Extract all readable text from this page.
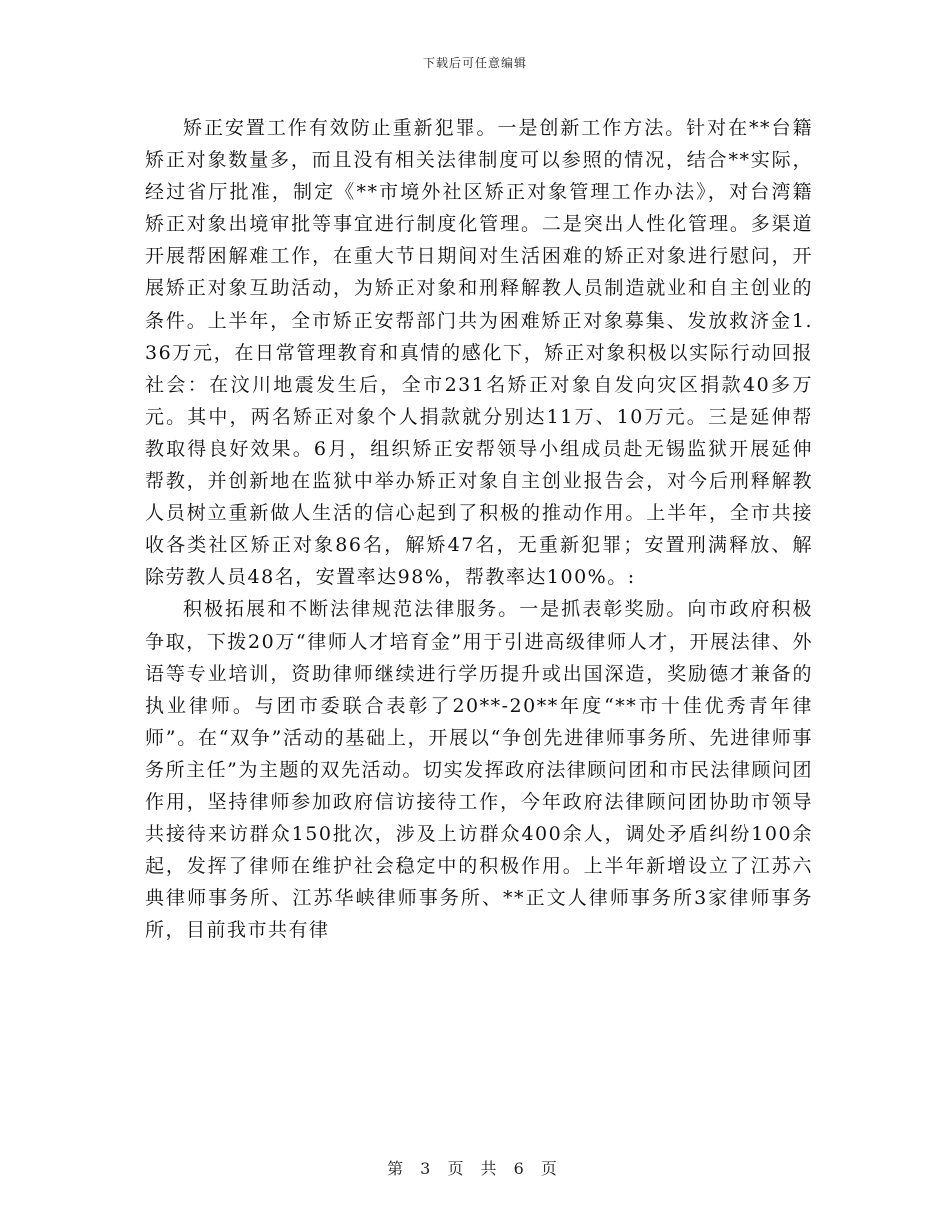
下载后可任意编辑

矫正安置工作有效防止重新犯罪。一是创新工作方法。针对在**台籍矫正对象数量多，而且没有相关法律制度可以参照的情况，结合**实际，经过省厅批准，制定《**市境外社区矫正对象管理工作办法》，对台湾籍矫正对象出境审批等事宜进行制度化管理。二是突出人性化管理。多渠道开展帮困解难工作，在重大节日期间对生活困难的矫正对象进行慰问，开展矫正对象互助活动，为矫正对象和刑释解教人员制造就业和自主创业的条件。上半年，全市矫正安帮部门共为困难矫正对象募集、发放救济金1.36万元，在日常管理教育和真情的感化下，矫正对象积极以实际行动回报社会：在汶川地震发生后，全市231名矫正对象自发向灾区捐款40多万元。其中，两名矫正对象个人捐款就分别达11万、10万元。三是延伸帮教取得良好效果。6月，组织矫正安帮领导小组成员赴无锡监狱开展延伸帮教，并创新地在监狱中举办矫正对象自主创业报告会，对今后刑释解教人员树立重新做人生活的信心起到了积极的推动作用。上半年，全市共接收各类社区矫正对象86名，解矫47名，无重新犯罪；安置刑满释放、解除劳教人员48名，安置率达98%，帮教率达100%。:

积极拓展和不断法律规范法律服务。一是抓表彰奖励。向市政府积极争取，下拨20万“律师人才培育金”用于引进高级律师人才，开展法律、外语等专业培训，资助律师继续进行学历提升或出国深造，奖励德才兼备的执业律师。与团市委联合表彰了20**-20**年度“**市十佳优秀青年律师”。在“双争”活动的基础上，开展以“争创先进律师事务所、先进律师事务所主任”为主题的双先活动。切实发挥政府法律顾问团和市民法律顾问团作用，坚持律师参加政府信访接待工作，今年政府法律顾问团协助市领导共接待来访群众150批次，涉及上访群众400余人，调处矛盾纠纷100余起，发挥了律师在维护社会稳定中的积极作用。上半年新增设立了江苏六典律师事务所、江苏华峡律师事务所、**正文人律师事务所3家律师事务所，目前我市共有律

第 3 页 共 6 页
